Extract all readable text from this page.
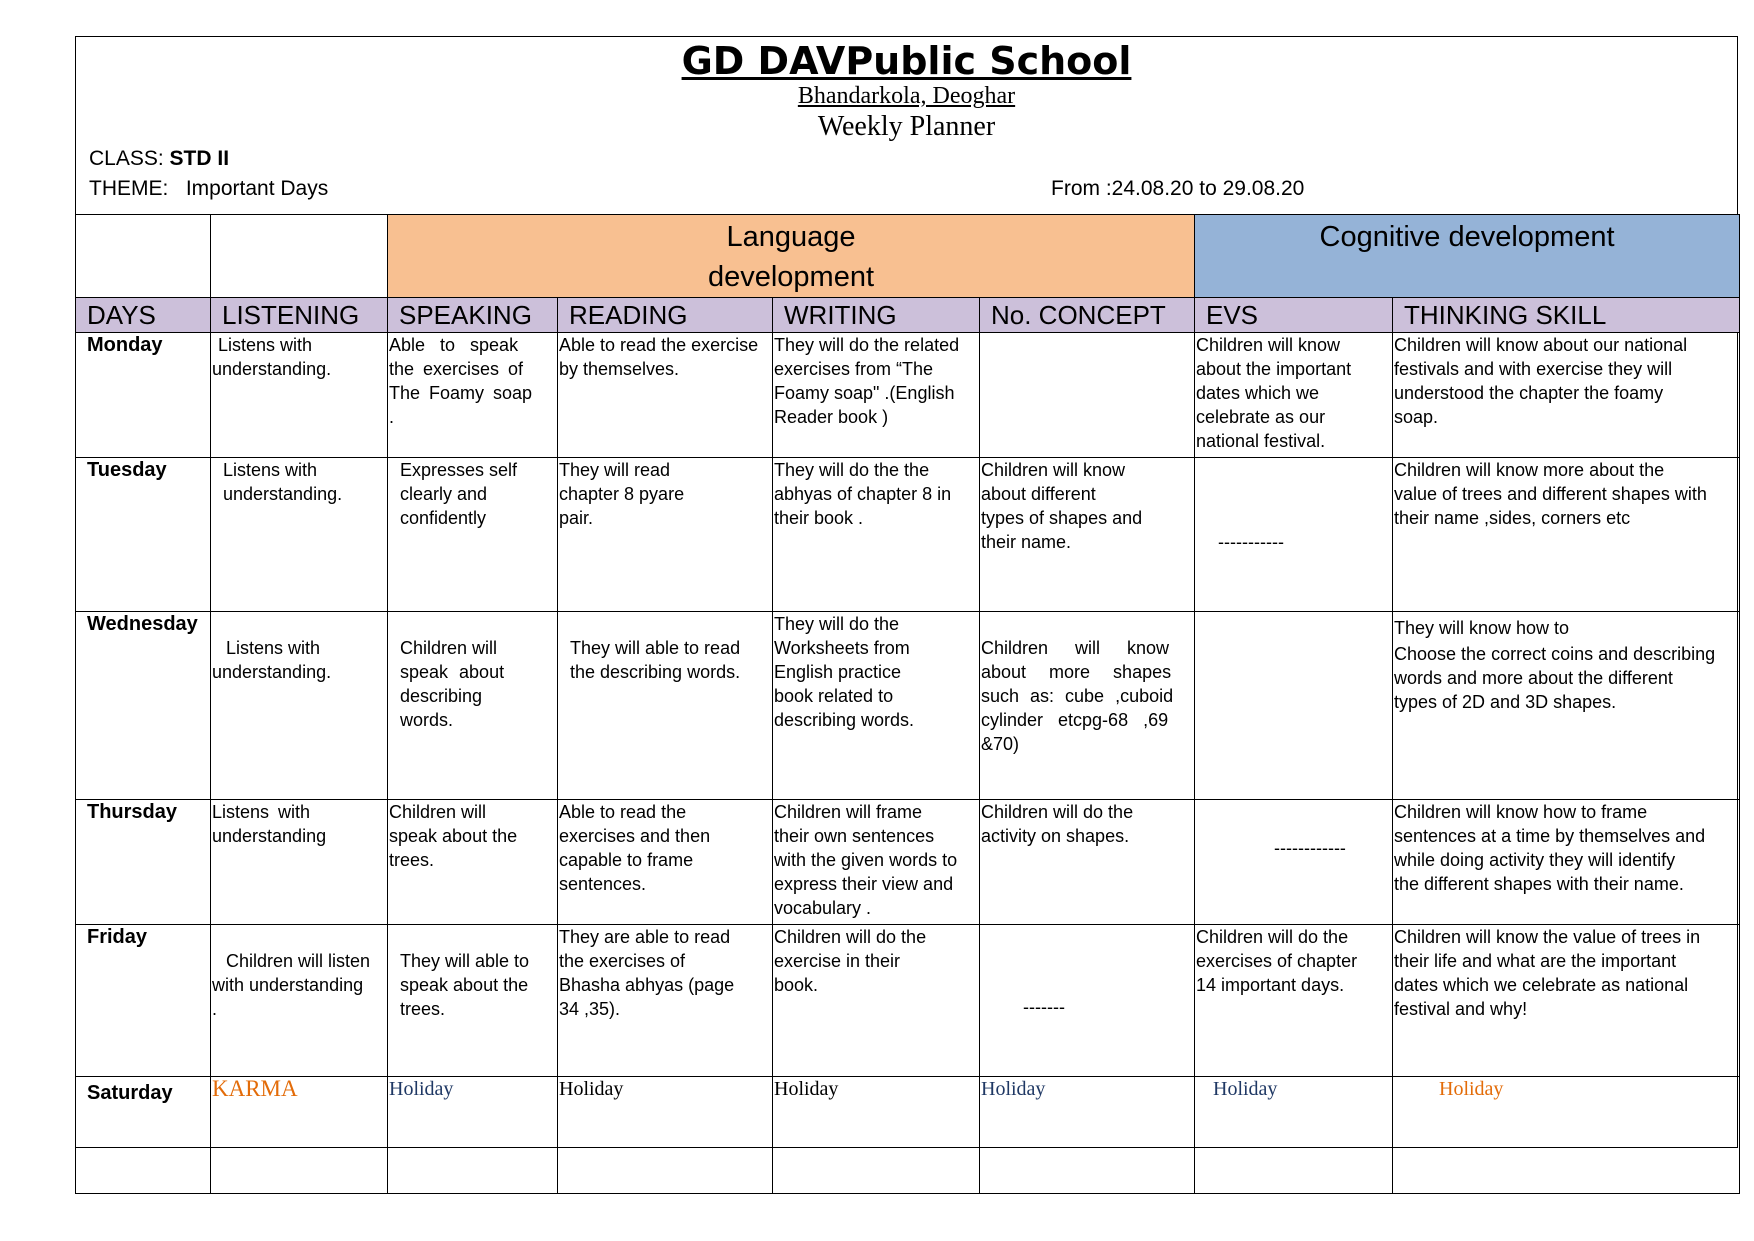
GD DAVPublic School
Bhandarkola, Deoghar
Weekly Planner
CLASS: STD II
THEME:   Important Days	From :24.08.20 to 29.08.20

		Language
development				Cognitive development	
DAYS	LISTENING	SPEAKING	READING	WRITING	No. CONCEPT	EVS	THINKING SKILL
Monday	Listens with
understanding.	Able to speak
the exercises of
The Foamy soap
.	Able to read the exercise
by themselves.	They will do the related
exercises from “The
Foamy soap" .(English
Reader book )		Children will know
about the important
dates which we
celebrate as our
national festival.	Children will know about our national
festivals and with exercise they will
understood the chapter the foamy
soap.

Tuesday	Listens with
understanding.	Expresses self
clearly and
confidently	They will read
chapter 8 pyare
pair.	They will do the the
abhyas of chapter 8 in
their book .	Children will know
about different
types of shapes and
their name.	-----------	Children will know more about the
value of trees and different shapes with
their name ,sides, corners etc

Wednesday	Listens with
understanding.	Children will
speak about
describing
words.	They will able to read
the describing words.	They will do the
Worksheets from
English practice
book related to
describing words.	Children will know
about more shapes
such as: cube ,cuboid
cylinder etcpg-68 ,69
&70)		They will know how to
Choose the correct coins and describing
words and more about the different
types of 2D and 3D shapes.

Thursday	Listens with
understanding	Children will
speak about the
trees.	Able to read the
exercises and then
capable to frame
sentences.	Children will frame
their own sentences
with the given words to
express their view and
vocabulary .	Children will do the
activity on shapes.	------------	Children will know how to frame
sentences at a time by themselves and
while doing activity they will identify
the different shapes with their name.

Friday	Children will listen
with understanding
.	They will able to
speak about the
trees.	They are able to read
the exercises of
Bhasha abhyas (page
34 ,35).	Children will do the
exercise in their
book.	-------	Children will do the
exercises of chapter
14 important days.	Children will know the value of trees in
their life and what are the important
dates which we celebrate as national
festival and why!

Saturday	KARMA	Holiday	Holiday	Holiday	Holiday	Holiday	Holiday
